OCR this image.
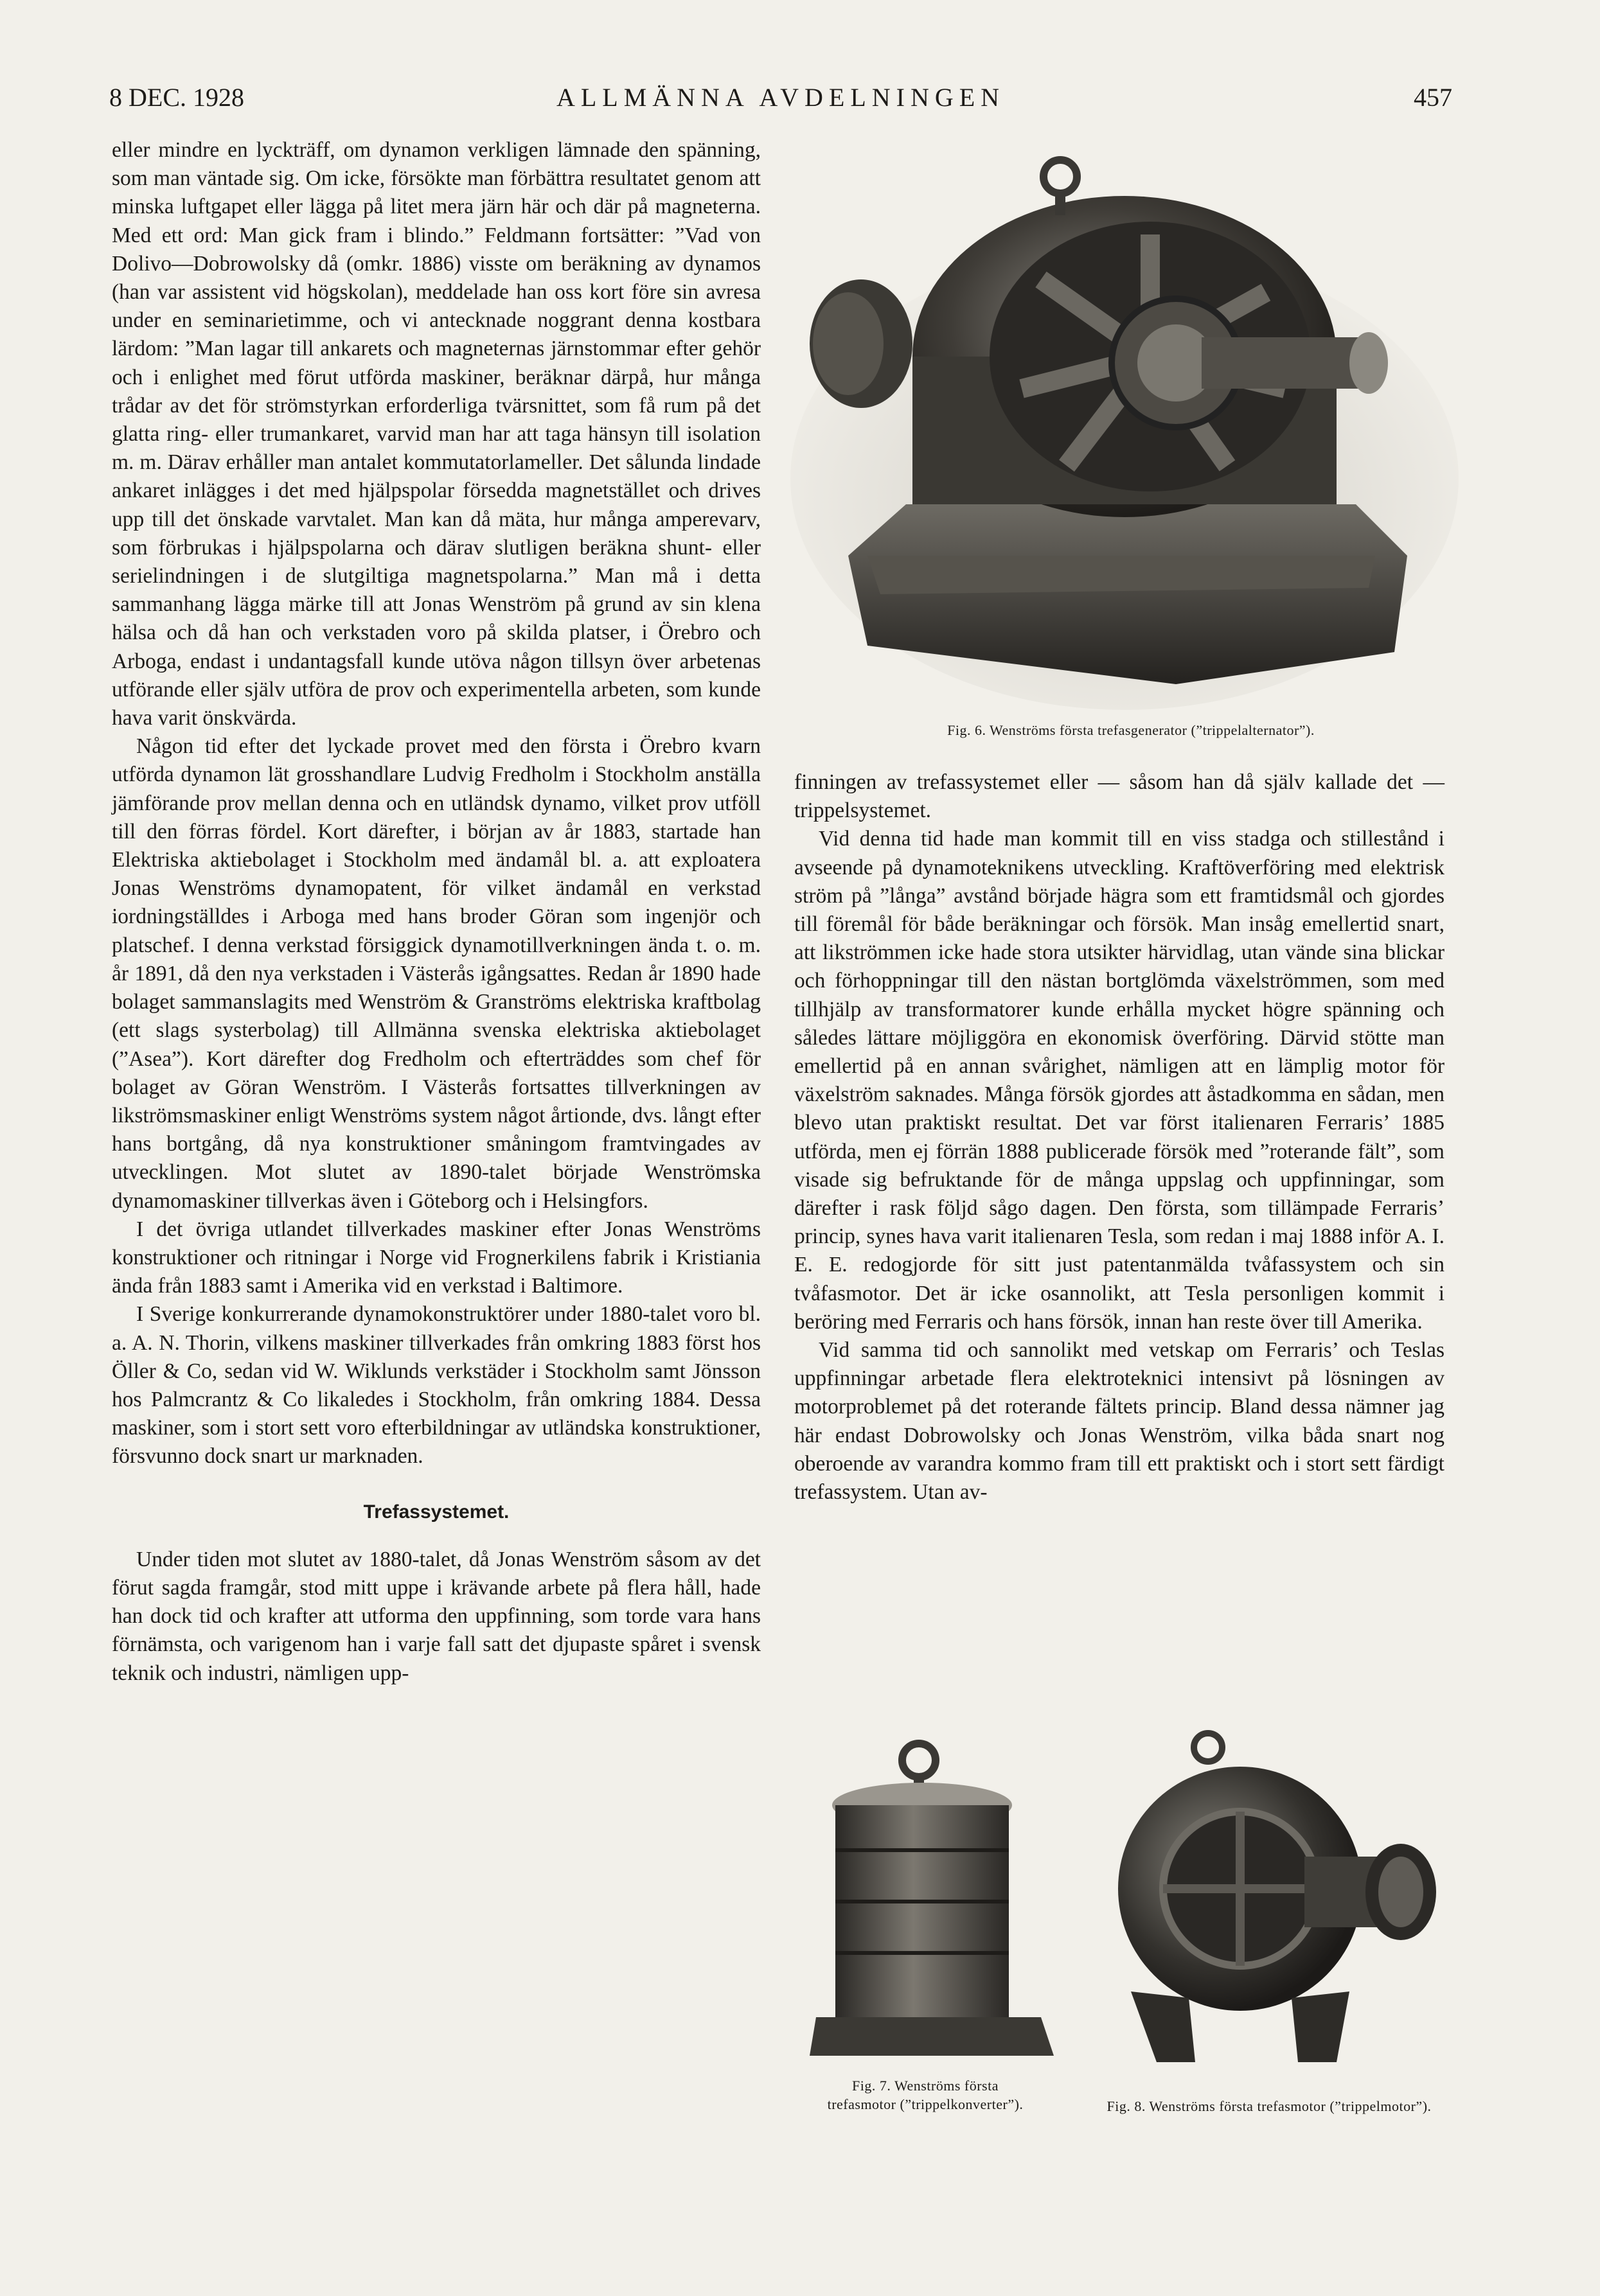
8 DEC. 1928	ALLMÄNNA AVDELNINGEN	457

eller mindre en lyckträff, om dynamon verkligen lämnade den spänning, som man väntade sig. Om icke, försökte man förbättra resultatet genom att minska luftgapet eller lägga på litet mera järn här och där på magneterna. Med ett ord: Man gick fram i blindo.” Feldmann fortsätter: ”Vad von Dolivo—Dobrowolsky då (omkr. 1886) visste om beräkning av dynamos (han var assistent vid högskolan), meddelade han oss kort före sin avresa under en seminarietimme, och vi antecknade noggrant denna kostbara lärdom: ”Man lagar till ankarets och magneternas järnstommar efter gehör och i enlighet med förut utförda maskiner, beräknar därpå, hur många trådar av det för strömstyrkan erforderliga tvärsnittet, som få rum på det glatta ring- eller trumankaret, varvid man har att taga hänsyn till isolation m. m. Därav erhåller man antalet kommutatorlameller. Det sålunda lindade ankaret inlägges i det med hjälpspolar försedda magnetstället och drives upp till det önskade varvtalet. Man kan då mäta, hur många amperevarv, som förbrukas i hjälpspolarna och därav slutligen beräkna shunt- eller serielindningen i de slutgiltiga magnetspolarna.” Man må i detta sammanhang lägga märke till att Jonas Wenström på grund av sin klena hälsa och då han och verkstaden voro på skilda platser, i Örebro och Arboga, endast i undantagsfall kunde utöva någon tillsyn över arbetenas utförande eller själv utföra de prov och experimentella arbeten, som kunde hava varit önskvärda.

Någon tid efter det lyckade provet med den första i Örebro kvarn utförda dynamon lät grosshandlare Ludvig Fredholm i Stockholm anställa jämförande prov mellan denna och en utländsk dynamo, vilket prov utföll till den förras fördel. Kort därefter, i början av år 1883, startade han Elektriska aktiebolaget i Stockholm med ändamål bl. a. att exploatera Jonas Wenströms dynamopatent, för vilket ändamål en verkstad iordningställdes i Arboga med hans broder Göran som ingenjör och platschef. I denna verkstad försiggick dynamotillverkningen ända t. o. m. år 1891, då den nya verkstaden i Västerås igångsattes. Redan år 1890 hade bolaget sammanslagits med Wenström & Granströms elektriska kraftbolag (ett slags systerbolag) till Allmänna svenska elektriska aktiebolaget (”Asea”). Kort därefter dog Fredholm och efterträddes som chef för bolaget av Göran Wenström. I Västerås fortsattes tillverkningen av likströmsmaskiner enligt Wenströms system något årtionde, dvs. långt efter hans bortgång, då nya konstruktioner småningom framtvingades av utvecklingen. Mot slutet av 1890-talet började Wenströmska dynamomaskiner tillverkas även i Göteborg och i Helsingfors.

I det övriga utlandet tillverkades maskiner efter Jonas Wenströms konstruktioner och ritningar i Norge vid Frognerkilens fabrik i Kristiania ända från 1883 samt i Amerika vid en verkstad i Baltimore.

I Sverige konkurrerande dynamokonstruktörer under 1880-talet voro bl. a. A. N. Thorin, vilkens maskiner tillverkades från omkring 1883 först hos Öller & Co, sedan vid W. Wiklunds verkstäder i Stockholm samt Jönsson hos Palmcrantz & Co likaledes i Stockholm, från omkring 1884. Dessa maskiner, som i stort sett voro efterbildningar av utländska konstruktioner, försvunno dock snart ur marknaden.

Trefassystemet.

Under tiden mot slutet av 1880-talet, då Jonas Wenström såsom av det förut sagda framgår, stod mitt uppe i krävande arbete på flera håll, hade han dock tid och krafter att utforma den uppfinning, som torde vara hans förnämsta, och varigenom han i varje fall satt det djupaste spåret i svensk teknik och industri, nämligen upp-

Fig. 6. Wenströms första trefasgenerator (”trippelalternator”).

finningen av trefassystemet eller — såsom han då själv kallade det — trippelsystemet.

Vid denna tid hade man kommit till en viss stadga och stillestånd i avseende på dynamoteknikens utveckling. Kraftöverföring med elektrisk ström på ”långa” avstånd började hägra som ett framtidsmål och gjordes till föremål för både beräkningar och försök. Man insåg emellertid snart, att likströmmen icke hade stora utsikter härvidlag, utan vände sina blickar och förhoppningar till den nästan bortglömda växelströmmen, som med tillhjälp av transformatorer kunde erhålla mycket högre spänning och således lättare möjliggöra en ekonomisk överföring. Därvid stötte man emellertid på en annan svårighet, nämligen att en lämplig motor för växelström saknades. Många försök gjordes att åstadkomma en sådan, men blevo utan praktiskt resultat. Det var först italienaren Ferraris’ 1885 utförda, men ej förrän 1888 publicerade försök med ”roterande fält”, som visade sig befruktande för de många uppslag och uppfinningar, som därefter i rask följd sågo dagen. Den första, som tillämpade Ferraris’ princip, synes hava varit italienaren Tesla, som redan i maj 1888 inför A. I. E. E. redogjorde för sitt just patentanmälda tvåfassystem och sin tvåfasmotor. Det är icke osannolikt, att Tesla personligen kommit i beröring med Ferraris och hans försök, innan han reste över till Amerika.

Vid samma tid och sannolikt med vetskap om Ferraris’ och Teslas uppfinningar arbetade flera elektroteknici intensivt på lösningen av motorproblemet på det roterande fältets princip. Bland dessa nämner jag här endast Dobrowolsky och Jonas Wenström, vilka båda snart nog oberoende av varandra kommo fram till ett praktiskt och i stort sett färdigt trefassystem. Utan av-

Fig. 7. Wenströms första trefasmotor (”trippelkonverter”).	Fig. 8. Wenströms första trefasmotor (”trippelmotor”).
